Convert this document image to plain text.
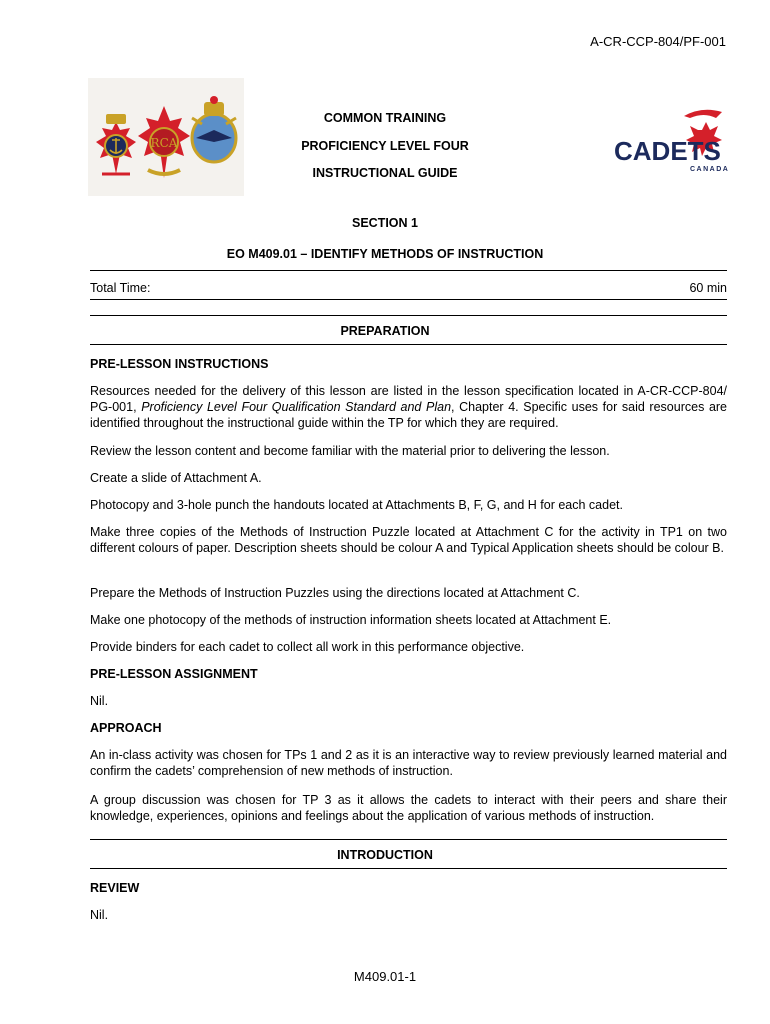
A-CR-CCP-804/PF-001
RCA
COMMON TRAINING
PROFICIENCY LEVEL FOUR
INSTRUCTIONAL GUIDE
CADETS
CANADA
SECTION 1
EO M409.01 – IDENTIFY METHODS OF INSTRUCTION
Total Time:	60 min
PREPARATION
PRE-LESSON INSTRUCTIONS
Resources needed for the delivery of this lesson are listed in the lesson specification located in A-CR-CCP-804/ PG-001, Proficiency Level Four Qualification Standard and Plan, Chapter 4. Specific uses for said resources are identified throughout the instructional guide within the TP for which they are required.
Review the lesson content and become familiar with the material prior to delivering the lesson.
Create a slide of Attachment A.
Photocopy and 3-hole punch the handouts located at Attachments B, F, G, and H for each cadet.
Make three copies of the Methods of Instruction Puzzle located at Attachment C for the activity in TP1 on two different colours of paper. Description sheets should be colour A and Typical Application sheets should be colour B.
Prepare the Methods of Instruction Puzzles using the directions located at Attachment C.
Make one photocopy of the methods of instruction information sheets located at Attachment E.
Provide binders for each cadet to collect all work in this performance objective.
PRE-LESSON ASSIGNMENT
Nil.
APPROACH
An in-class activity was chosen for TPs 1 and 2 as it is an interactive way to review previously learned material and confirm the cadets’ comprehension of new methods of instruction.
A group discussion was chosen for TP 3 as it allows the cadets to interact with their peers and share their knowledge, experiences, opinions and feelings about the application of various methods of instruction.
INTRODUCTION
REVIEW
Nil.
M409.01-1
